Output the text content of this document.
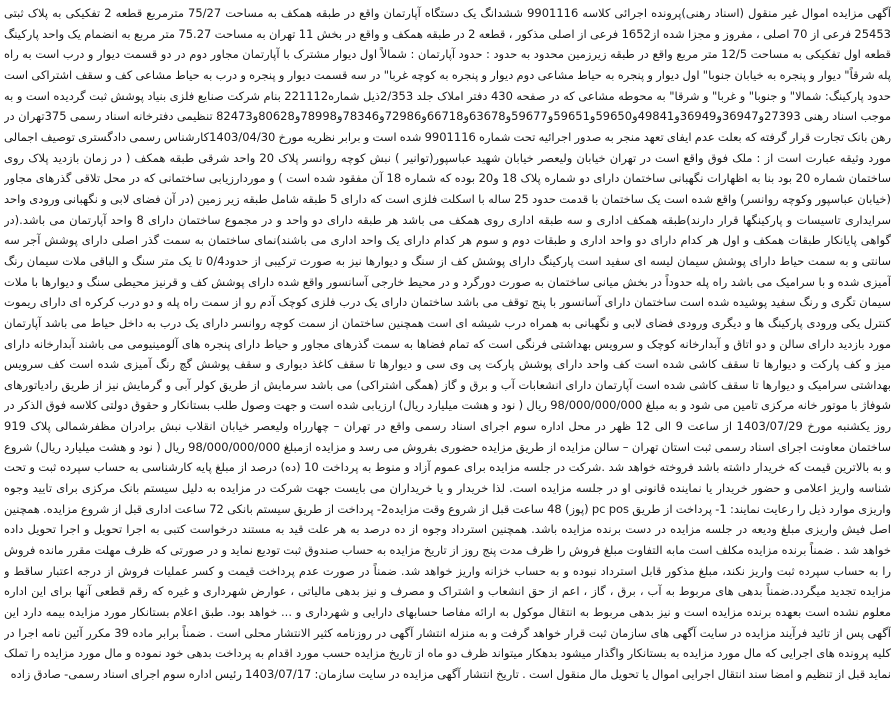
آگهی مزایده اموال غیر منقول (اسناد رهنی)پرونده اجرائی کلاسه 9901116 ششدانگ یک دستگاه آپارتمان واقع در طبقه همکف به مساحت 75/27 مترمربع قطعه 2 تفکیکی به پلاک ثبتی 25453 فرعی از 70 اصلی ، مفروز و مجزا شده از1652 فرعی از اصلی مذکور ، قطعه 2 در طبقه همکف و واقع در بخش 11 تهران به مساحت 75.27 متر مربع به انضمام یک واحد پارکینگ قطعه اول تفکیکی به مساحت 12/5 متر مربع واقع در طبقه زیرزمین محدود به حدود : حدود آپارتمان : شمالاً اول دیوار مشترک با آپارتمان مجاور دوم در دو قسمت دیوار و درب است به راه پله شرقاً" دیوار و پنجره به خیابان جنوبا" اول دیوار و پنجره به حیاط مشاعی دوم دیوار و پنجره به کوچه غربا" در سه قسمت دیوار و پنجره و درب به حیاط مشاعی کف و سقف اشتراکی است حدود پارکینگ: شمالا" و جنوبا" و غربا" و شرقا" به محوطه مشاعی که در صفحه 430 دفتر املاک جلد 2/353ذیل شماره221112 بنام شرکت صنایع فلزی بنیاد پوشش ثبت گردیده است و به موجب اسناد رهنی 27393و36947و36949و49841و59650و59651و59677و63678و66718و72986و78346و78998و80628و82473 تنظیمی دفترخانه اسناد رسمی 375تهران در رهن بانک تجارت قرار گرفته که بعلت عدم ایفای تعهد منجر به صدور اجرائیه تحت شماره 9901116 شده است و برابر نظریه مورخ 1403/04/30کارشناس رسمی دادگستری توصیف اجمالی مورد وثیقه عبارت است از : ملک فوق واقع است در تهران خیابان ولیعصر خیابان شهید عباسپور(توانیر ) نبش کوچه روانسر پلاک 20 واحد شرقی طبقه همکف ( در زمان بازدید پلاک روی ساختمان شماره 20 بود بنا به اظهارات نگهبانی ساختمان دارای دو شماره پلاک 18 و20 بوده که شماره 18 آن مفقود شده است ) و موردارزیابی ساختمانی که در محل تلاقی گذرهای مجاور (خیابان عباسپور وکوچه روانسر) واقع شده است یک ساختمان با قدمت حدود 25 ساله با اسکلت فلزی است که دارای 5 طبقه شامل طبقه زیر زمین (در آن فضای لابی و نگهبانی ورودی واحد سرایداری تاسیسات و پارکینگها قرار دارند)طبقه همکف اداری و سه طبقه اداری روی همکف می باشد هر طبقه دارای دو واحد و در مجموع ساختمان دارای 8 واحد آپارتمان می باشد.(در گواهی پایانکار طبقات همکف و اول هر کدام دارای دو واحد اداری و طبقات دوم و سوم هر کدام دارای یک واحد اداری می باشند)نمای ساختمان به سمت گذر اصلی دارای پوشش آجر سه سانتی و به سمت حیاط دارای پوشش سیمان لیسه ای سفید است پارکینگ دارای پوشش کف از سنگ و دیوارها نیز به صورت ترکیبی از حدود0/4 تا یک متر سنگ و الباقی ملات سیمان رنگ آمیزی شده و با سرامیک می باشد راه پله حدوداً در بخش میانی ساختمان به صورت دورگرد و در محیط خارجی آسانسور واقع شده دارای پوشش کف و قرنیز محیطی سنگ و دیوارها با ملات سیمان تگری و رنگ سفید پوشیده شده است ساختمان دارای آسانسور با پنج توقف می باشد ساختمان دارای یک درب فلزی کوچک آدم رو از سمت راه پله و دو درب کرکره ای دارای ریموت کنترل یکی ورودی پارکینگ ها و دیگری ورودی فضای لابی و نگهبانی به همراه درب شیشه ای است همچنین ساختمان از سمت کوچه روانسر دارای یک درب به داخل حیاط می باشد آپارتمان مورد بازدید دارای سالن و دو اتاق و آبدارخانه کوچک و سرویس بهداشتی فرنگی است که تمام فضاها به سمت گذرهای مجاور و حیاط دارای پنجره های آلومینیومی می باشند آبدارخانه دارای میز و کف پارکت و دیوارها تا سقف کاشی شده است کف واحد دارای پوشش پارکت پی وی سی و دیوارها تا سقف کاغذ دیواری و سقف پوشش گچ رنگ آمیزی شده است کف سرویس بهداشتی سرامیک و دیوارها تا سقف کاشی شده است آپارتمان دارای انشعابات آب و برق و گاز (همگی اشتراکی) می باشد سرمایش از طریق کولر آبی و گرمایش نیز از طریق رادیاتورهای شوفاژ با موتور خانه مرکزی تامین می شود و به مبلغ 98/000/000/000 ریال ( نود و هشت میلیارد ریال) ارزیابی شده است و جهت وصول طلب بستانکار و حقوق دولتی کلاسه فوق الذکر در روز یکشنبه مورخ 1403/07/29 از ساعت 9 الی 12 ظهر در محل اداره سوم اجرای اسناد رسمی واقع در تهران – چهارراه ولیعصر خیابان انقلاب نبش برادران مظفرشمالی پلاک 919 ساختمان معاونت اجرای اسناد رسمی ثبت استان تهران – سالن مزایده از طریق مزایده حضوری بفروش می رسد و مزایده ازمبلغ 98/000/000/000 ریال ( نود و هشت میلیارد ریال) شروع و به بالاترین قیمت که خریدار داشته باشد فروخته خواهد شد .شرکت در جلسه مزایده برای عموم آزاد و منوط به پرداخت 10 (ده) درصد از مبلغ پایه کارشناسی به حساب سپرده ثبت و تحت شناسه واریز اعلامی و حضور خریدار یا نماینده قانونی او در جلسه مزایده است. لذا خریدار و یا خریداران می بایست جهت شرکت در مزایده به دلیل سیستم بانک مرکزی برای تایید وجوه واریزی موارد ذیل را رعایت نمایند: 1- پرداخت از طریق pc pos (پوز) 48 ساعت قبل از شروع وقت مزایده2- پرداخت از طریق سیستم بانکی 72 ساعت اداری قبل از شروع مزایده. همچنین اصل فیش واریزی مبلغ ودیعه در جلسه مزایده در دست برنده مزایده باشد. همچنین استرداد وجوه از ده درصد به هر علت قید به مستند درخواست کتبی به اجرا تحویل و اجرا تحویل داده خواهد شد . ضمناً برنده مزایده مکلف است مابه التفاوت مبلغ فروش را ظرف مدت پنج روز از تاریخ مزایده به حساب صندوق ثبت تودیع نماید و در صورتی که ظرف مهلت مقرر مانده فروش را به حساب سپرده ثبت واریز نکند، مبلغ مذکور قابل استرداد نبوده و به حساب خزانه واریز خواهد شد. ضمناً در صورت عدم پرداخت قیمت و کسر عملیات فروش از درجه اعتبار ساقط و مزایده تجدید میگردد.ضمناً بدهی های مربوط به آب ، برق ، گاز ، اعم از حق انشعاب و اشتراک و مصرف و نیز بدهی مالیاتی ، عوارض شهرداری و غیره که رقم قطعی آنها برای این اداره معلوم نشده است بعهده برنده مزایده است و نیز بدهی مربوط به انتقال موکول به ارائه مفاصا حسابهای دارایی و شهرداری و ... خواهد بود. طبق اعلام بستانکار مورد مزایده بیمه دارد این آگهی پس از تائید فرآیند مزایده در سایت آگهی های سازمان ثبت قرار خواهد گرفت و به منزله انتشار آگهی در روزنامه کثیر الانتشار محلی است . ضمناً برابر ماده 39 مکرر آئین نامه اجرا در کلیه پرونده های اجرایی که مال مورد مزایده به بستانکار واگذار میشود بدهکار میتواند ظرف دو ماه از تاریخ مزایده حسب مورد اقدام به پرداخت بدهی خود نموده و مال مورد مزایده را تملک نماید قبل از تنظیم و امضا سند انتقال اجرایی اموال یا تحویل مال منقول است . تاریخ انتشار آگهی مزایده در سایت سازمان: 1403/07/17 رئیس اداره سوم اجرای اسناد رسمی- صادق زاده
